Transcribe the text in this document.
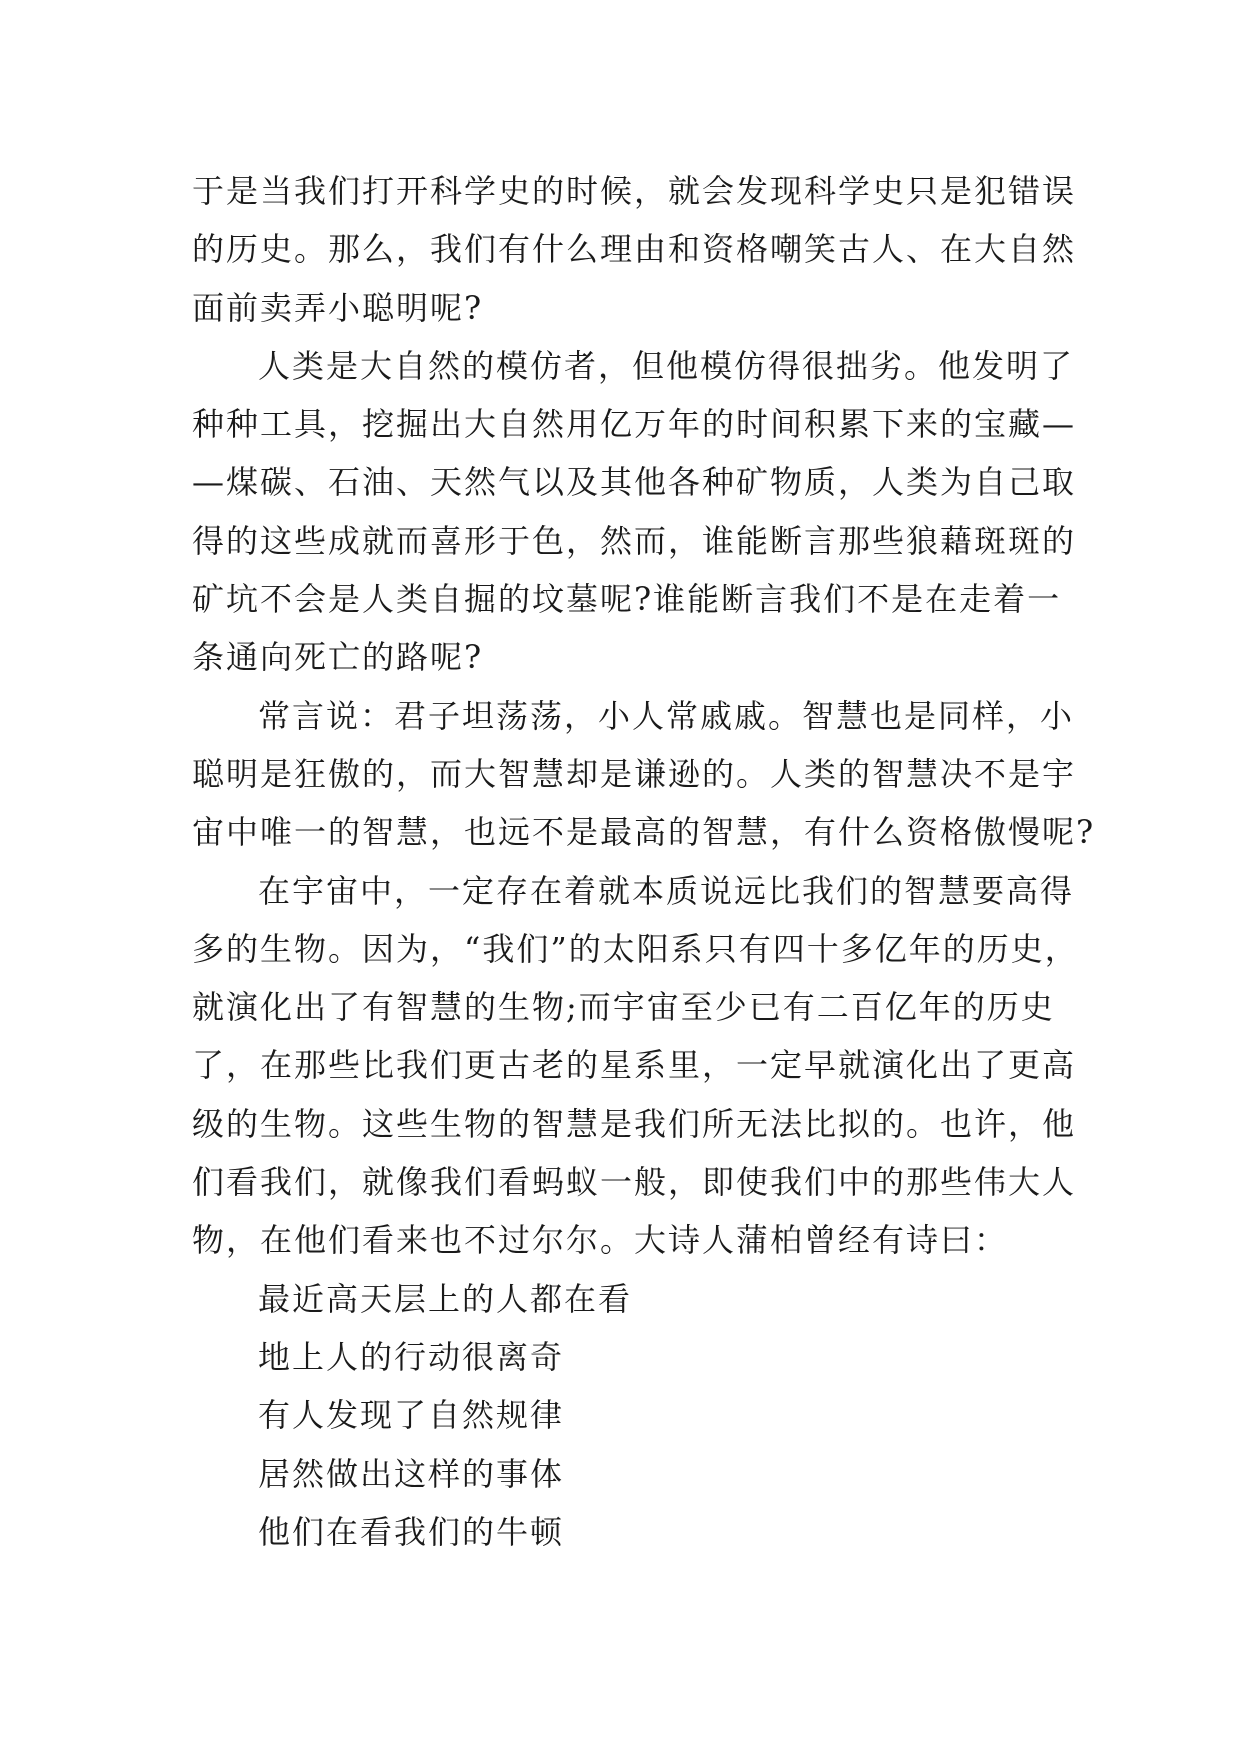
于是当我们打开科学史的时候，就会发现科学史只是犯错误
的历史。那么，我们有什么理由和资格嘲笑古人、在大自然
面前卖弄小聪明呢?
人类是大自然的模仿者，但他模仿得很拙劣。他发明了
种种工具，挖掘出大自然用亿万年的时间积累下来的宝藏—
—煤碳、石油、天然气以及其他各种矿物质，人类为自己取
得的这些成就而喜形于色，然而，谁能断言那些狼藉斑斑的
矿坑不会是人类自掘的坟墓呢?谁能断言我们不是在走着一
条通向死亡的路呢?
常言说：君子坦荡荡，小人常戚戚。智慧也是同样，小
聪明是狂傲的，而大智慧却是谦逊的。人类的智慧决不是宇
宙中唯一的智慧，也远不是最高的智慧，有什么资格傲慢呢?
在宇宙中，一定存在着就本质说远比我们的智慧要高得
多的生物。因为，“我们”的太阳系只有四十多亿年的历史，
就演化出了有智慧的生物;而宇宙至少已有二百亿年的历史
了，在那些比我们更古老的星系里，一定早就演化出了更高
级的生物。这些生物的智慧是我们所无法比拟的。也许，他
们看我们，就像我们看蚂蚁一般，即使我们中的那些伟大人
物，在他们看来也不过尔尔。大诗人蒲柏曾经有诗曰：
最近高天层上的人都在看
地上人的行动很离奇
有人发现了自然规律
居然做出这样的事体
他们在看我们的牛顿
